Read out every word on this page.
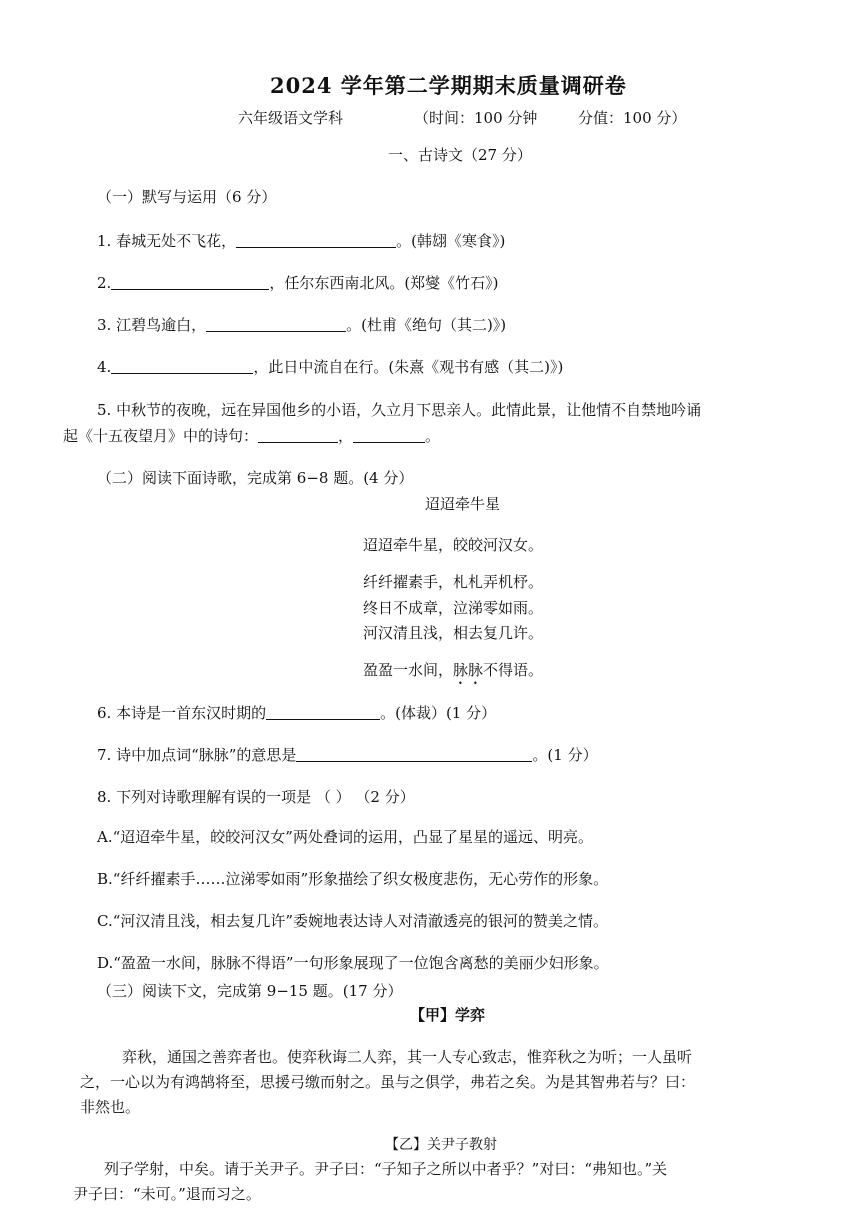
2024 学年第二学期期末质量调研卷
六年级语文学科	（时间：100 分钟	分值：100 分）
一、古诗文（27 分）
（一）默写与运用（6 分）
1. 春城无处不飞花，	。(韩翃《寒食》)
2.	，任尔东西南北风。(郑燮《竹石》)
3. 江碧鸟逾白，	。(杜甫《绝句（其二)》)
4.	，此日中流自在行。(朱熹《观书有感（其二)》)
5. 中秋节的夜晚，远在异国他乡的小语，久立月下思亲人。此情此景，让他情不自禁地吟诵
起《十五夜望月》中的诗句：	，	。
（二）阅读下面诗歌，完成第 6−8 题。(4 分）
迢迢牵牛星
迢迢牵牛星，皎皎河汉女。
纤纤擢素手，札札弄机杼。
终日不成章，泣涕零如雨。
河汉清且浅，相去复几许。
盈盈一水间，脉脉不得语。
6. 本诗是一首东汉时期的	。(体裁）(1 分）
7. 诗中加点词“脉脉”的意思是	。(1 分）
8. 下列对诗歌理解有误的一项是 （ ） （2 分）
A.“迢迢牵牛星，皎皎河汉女”两处叠词的运用，凸显了星星的遥远、明亮。
B.“纤纤擢素手……泣涕零如雨”形象描绘了织女极度悲伤，无心劳作的形象。
C.“河汉清且浅，相去复几许”委婉地表达诗人对清澈透亮的银河的赞美之情。
D.“盈盈一水间，脉脉不得语”一句形象展现了一位饱含离愁的美丽少妇形象。
（三）阅读下文，完成第 9−15 题。(17 分）
【甲】学弈
弈秋，通国之善弈者也。使弈秋诲二人弈，其一人专心致志，惟弈秋之为听；一人虽听
之，一心以为有鸿鹄将至，思援弓缴而射之。虽与之俱学，弗若之矣。为是其智弗若与？曰：
非然也。
【乙】关尹子教射
列子学射，中矣。请于关尹子。尹子曰：“子知子之所以中者乎？”对曰：“弗知也。”关
尹子曰：“未可。”退而习之。
